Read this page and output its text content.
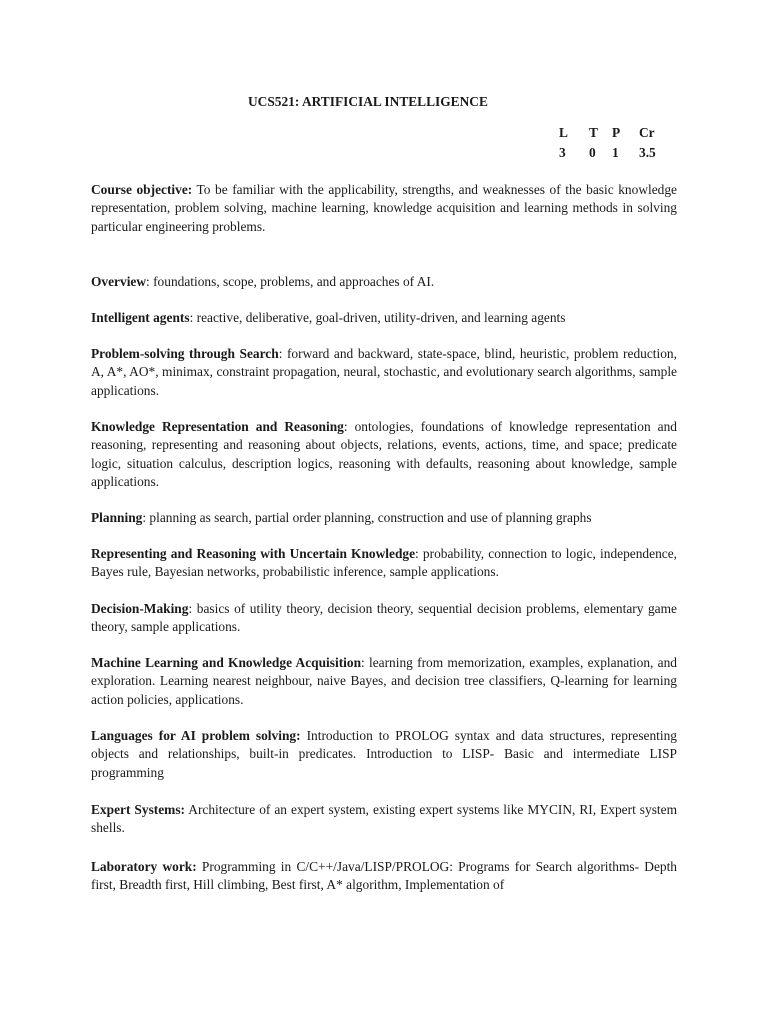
UCS521: ARTIFICIAL INTELLIGENCE
L	T	P	Cr
3	0	1	3.5

Course objective: To be familiar with the applicability, strengths, and weaknesses of the basic knowledge representation, problem solving, machine learning, knowledge acquisition and learning methods in solving particular engineering problems.

Overview: foundations, scope, problems, and approaches of AI.

Intelligent agents: reactive, deliberative, goal-driven, utility-driven, and learning agents

Problem-solving through Search: forward and backward, state-space, blind, heuristic, problem reduction, A, A*, AO*, minimax, constraint propagation, neural, stochastic, and evolutionary search algorithms, sample applications.

Knowledge Representation and Reasoning: ontologies, foundations of knowledge representation and reasoning, representing and reasoning about objects, relations, events, actions, time, and space; predicate logic, situation calculus, description logics, reasoning with defaults, reasoning about knowledge, sample applications.

Planning: planning as search, partial order planning, construction and use of planning graphs

Representing and Reasoning with Uncertain Knowledge: probability, connection to logic, independence, Bayes rule, Bayesian networks, probabilistic inference, sample applications.

Decision-Making: basics of utility theory, decision theory, sequential decision problems, elementary game theory, sample applications.

Machine Learning and Knowledge Acquisition: learning from memorization, examples, explanation, and exploration. Learning nearest neighbour, naive Bayes, and decision tree classifiers, Q-learning for learning action policies, applications.

Languages for AI problem solving: Introduction to PROLOG syntax and data structures, representing objects and relationships, built-in predicates. Introduction to LISP- Basic and intermediate LISP programming

Expert Systems: Architecture of an expert system, existing expert systems like MYCIN, RI, Expert system shells.

Laboratory work: Programming in C/C++/Java/LISP/PROLOG: Programs for Search algorithms- Depth first, Breadth first, Hill climbing, Best first, A* algorithm, Implementation of
